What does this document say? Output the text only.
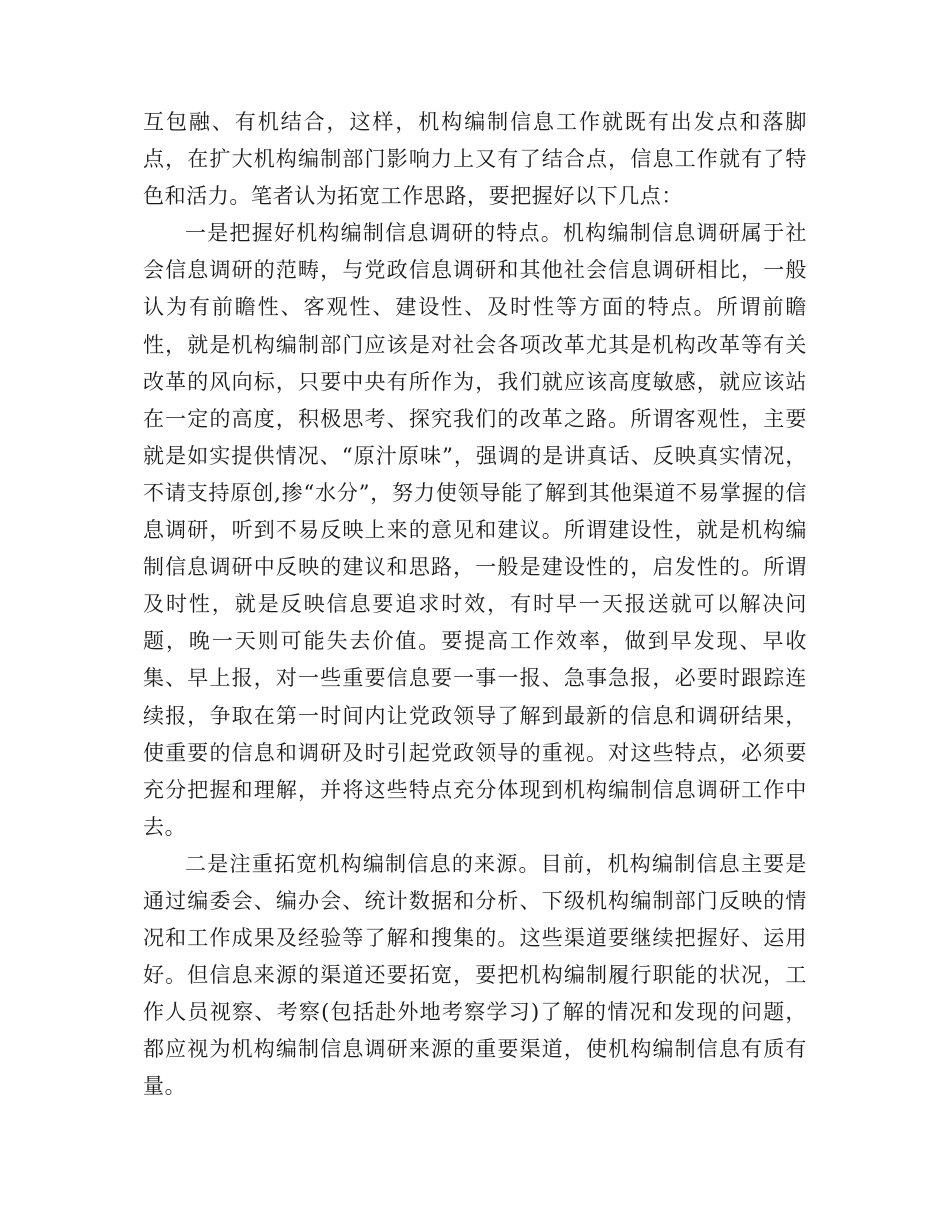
互包融、有机结合，这样，机构编制信息工作就既有出发点和落脚点，在扩大机构编制部门影响力上又有了结合点，信息工作就有了特色和活力。笔者认为拓宽工作思路，要把握好以下几点：

一是把握好机构编制信息调研的特点。机构编制信息调研属于社会信息调研的范畴，与党政信息调研和其他社会信息调研相比，一般认为有前瞻性、客观性、建设性、及时性等方面的特点。所谓前瞻性，就是机构编制部门应该是对社会各项改革尤其是机构改革等有关改革的风向标，只要中央有所作为，我们就应该高度敏感，就应该站在一定的高度，积极思考、探究我们的改革之路。所谓客观性，主要就是如实提供情况、“原汁原味”，强调的是讲真话、反映真实情况，不请支持原创,掺“水分”，努力使领导能了解到其他渠道不易掌握的信息调研，听到不易反映上来的意见和建议。所谓建设性，就是机构编制信息调研中反映的建议和思路，一般是建设性的，启发性的。所谓及时性，就是反映信息要追求时效，有时早一天报送就可以解决问题，晚一天则可能失去价值。要提高工作效率，做到早发现、早收集、早上报，对一些重要信息要一事一报、急事急报，必要时跟踪连续报，争取在第一时间内让党政领导了解到最新的信息和调研结果，使重要的信息和调研及时引起党政领导的重视。对这些特点，必须要充分把握和理解，并将这些特点充分体现到机构编制信息调研工作中去。

二是注重拓宽机构编制信息的来源。目前，机构编制信息主要是通过编委会、编办会、统计数据和分析、下级机构编制部门反映的情况和工作成果及经验等了解和搜集的。这些渠道要继续把握好、运用好。但信息来源的渠道还要拓宽，要把机构编制履行职能的状况，工作人员视察、考察(包括赴外地考察学习)了解的情况和发现的问题，都应视为机构编制信息调研来源的重要渠道，使机构编制信息有质有量。
